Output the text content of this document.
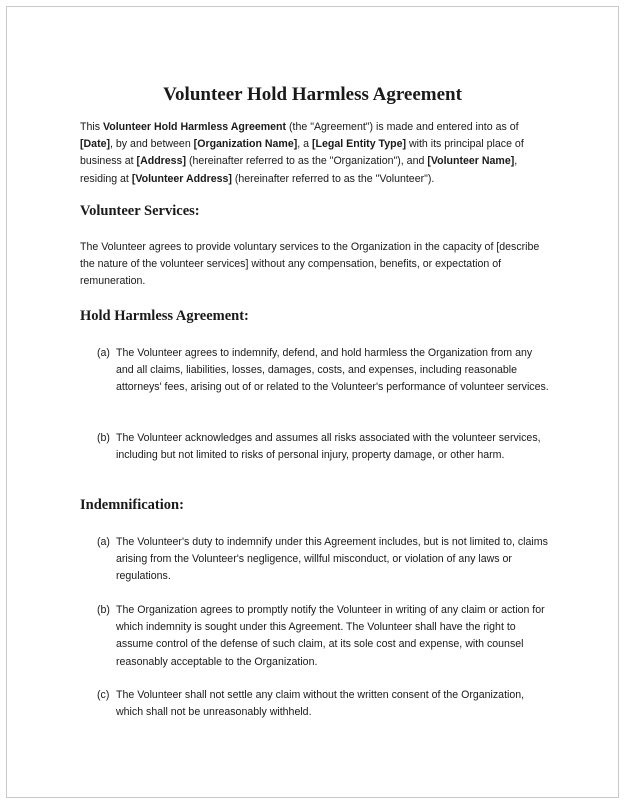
Volunteer Hold Harmless Agreement

This Volunteer Hold Harmless Agreement (the "Agreement") is made and entered into as of [Date], by and between [Organization Name], a [Legal Entity Type] with its principal place of business at [Address] (hereinafter referred to as the "Organization"), and [Volunteer Name], residing at [Volunteer Address] (hereinafter referred to as the "Volunteer").

Volunteer Services:

The Volunteer agrees to provide voluntary services to the Organization in the capacity of [describe the nature of the volunteer services] without any compensation, benefits, or expectation of remuneration.

Hold Harmless Agreement:
(a) The Volunteer agrees to indemnify, defend, and hold harmless the Organization from any and all claims, liabilities, losses, damages, costs, and expenses, including reasonable attorneys' fees, arising out of or related to the Volunteer's performance of volunteer services.
(b) The Volunteer acknowledges and assumes all risks associated with the volunteer services, including but not limited to risks of personal injury, property damage, or other harm.
Indemnification:
(a) The Volunteer's duty to indemnify under this Agreement includes, but is not limited to, claims arising from the Volunteer's negligence, willful misconduct, or violation of any laws or regulations.
(b) The Organization agrees to promptly notify the Volunteer in writing of any claim or action for which indemnity is sought under this Agreement. The Volunteer shall have the right to assume control of the defense of such claim, at its sole cost and expense, with counsel reasonably acceptable to the Organization.
(c) The Volunteer shall not settle any claim without the written consent of the Organization, which shall not be unreasonably withheld.
